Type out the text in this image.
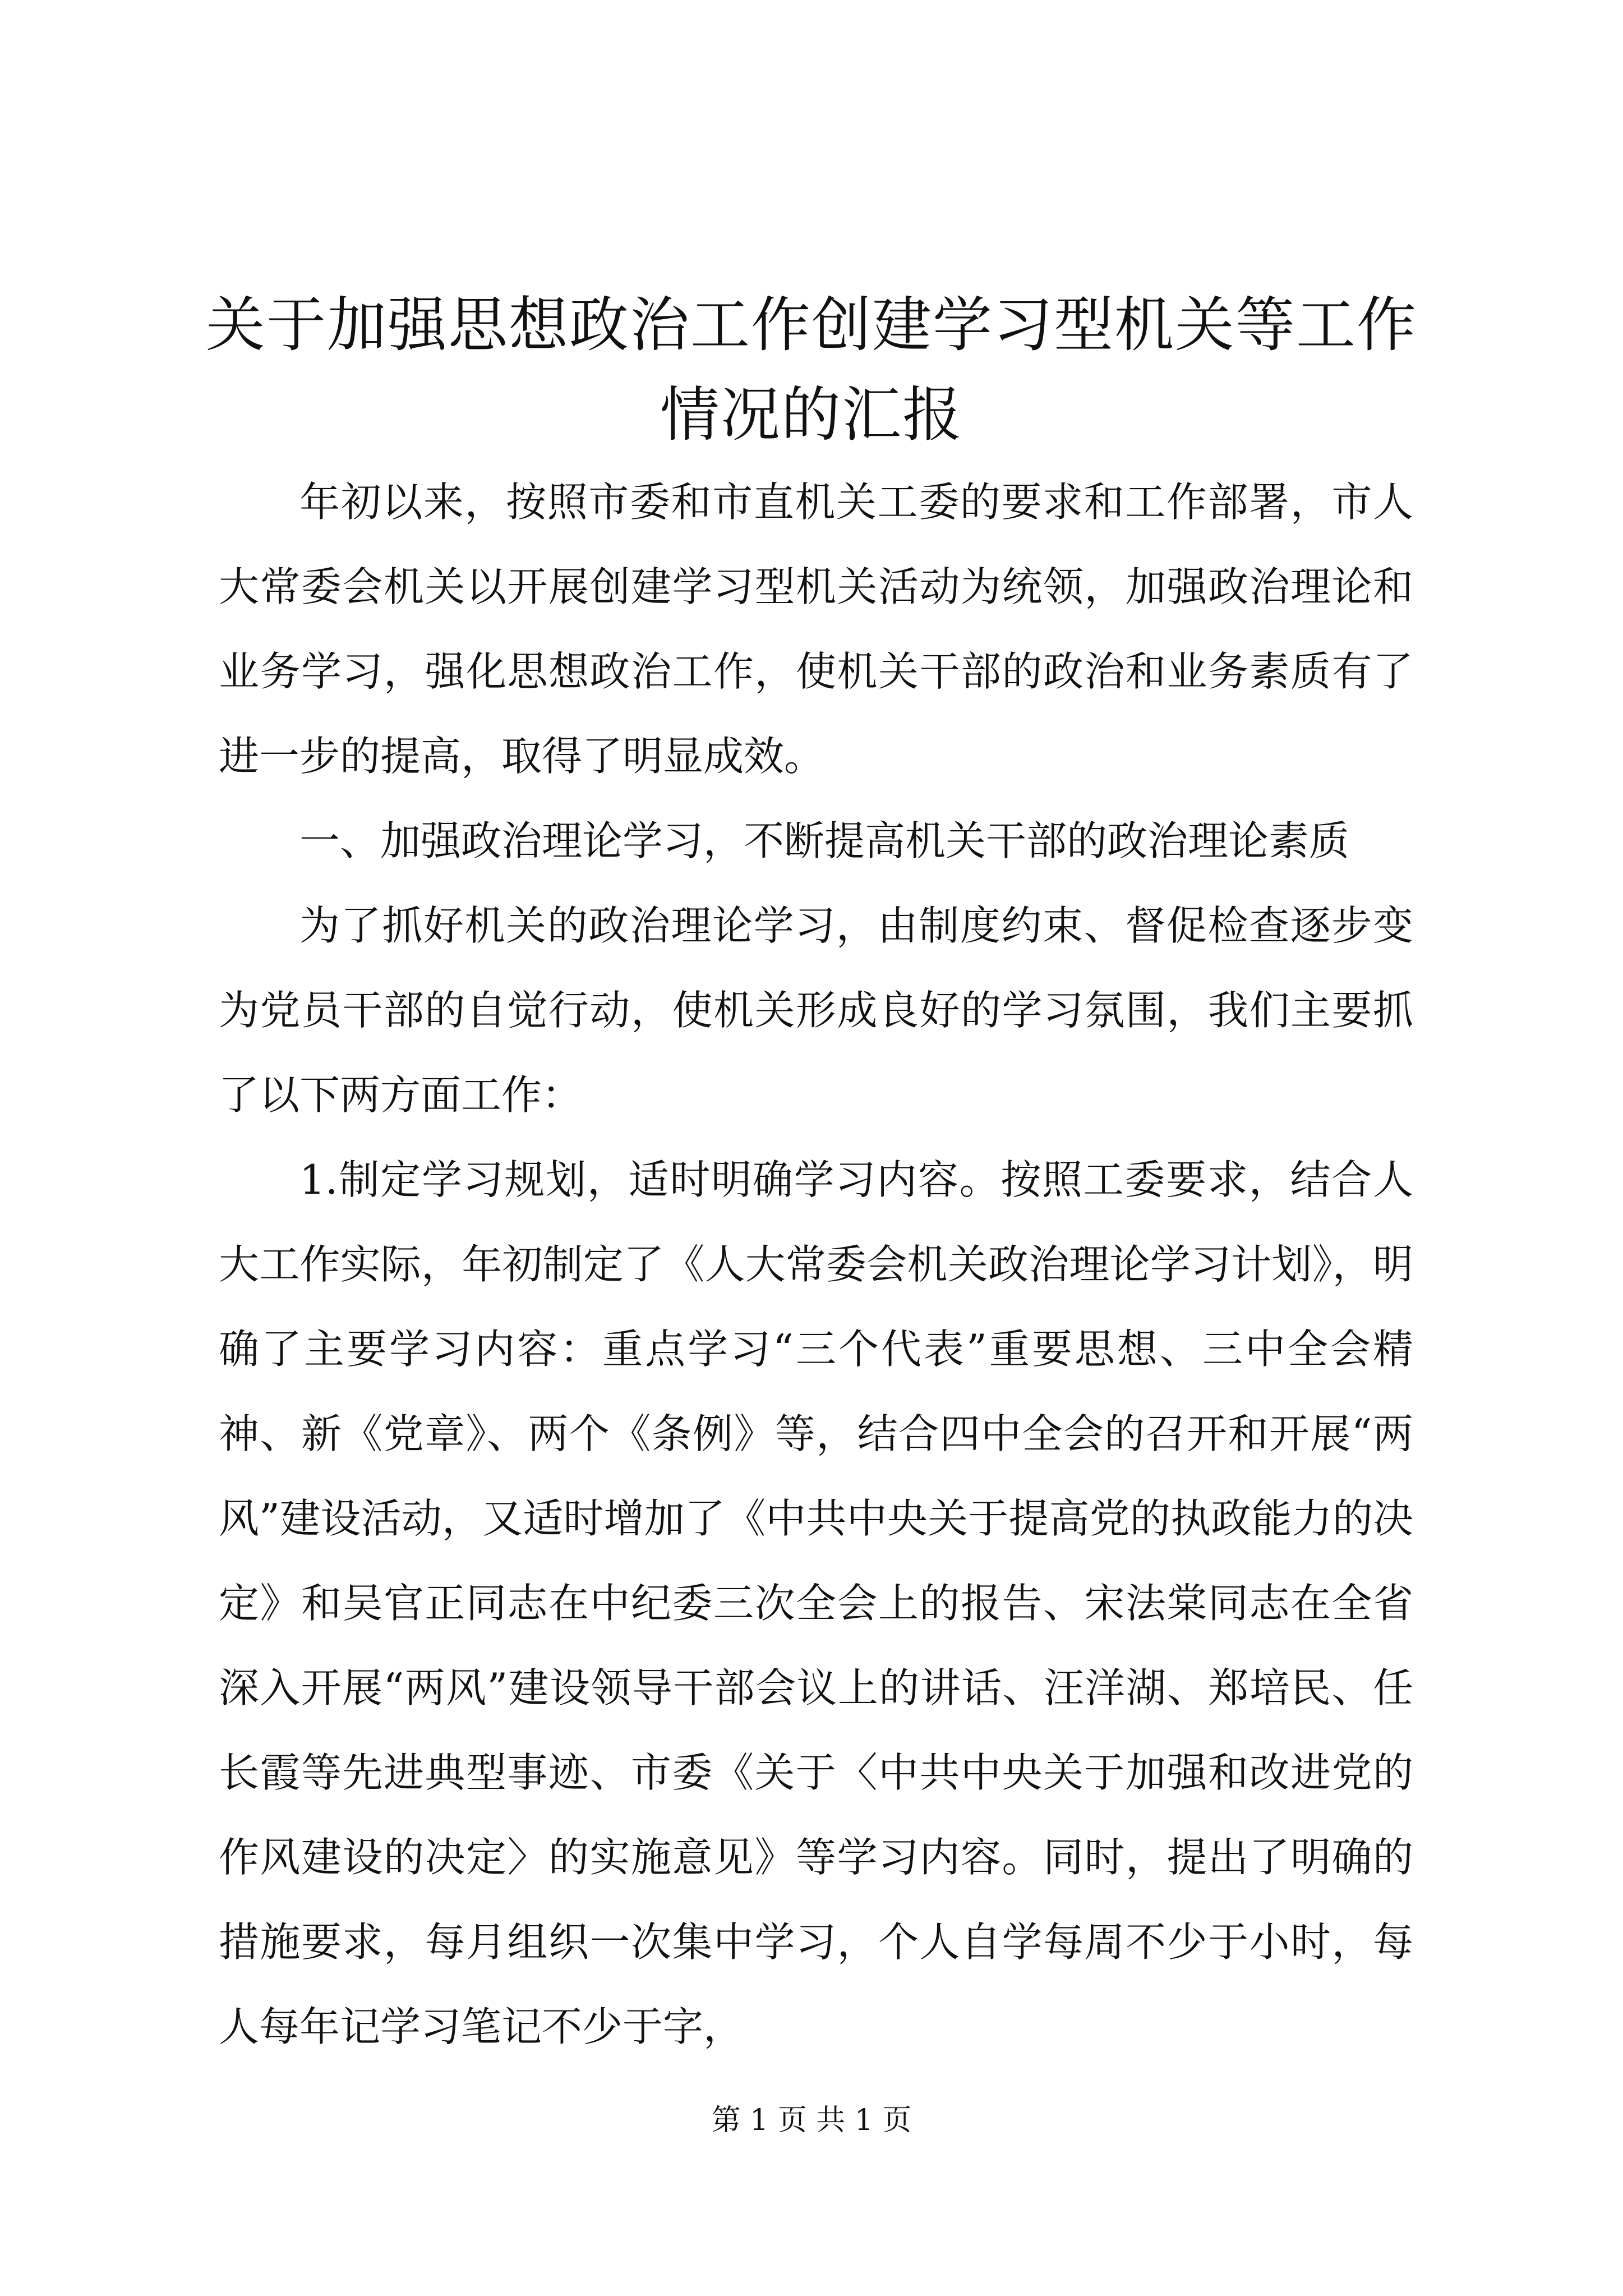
关于加强思想政治工作创建学习型机关等工作
情况的汇报

年初以来，按照市委和市直机关工委的要求和工作部署，市人大常委会机关以开展创建学习型机关活动为统领，加强政治理论和业务学习，强化思想政治工作，使机关干部的政治和业务素质有了进一步的提高，取得了明显成效。

一、加强政治理论学习，不断提高机关干部的政治理论素质

为了抓好机关的政治理论学习，由制度约束、督促检查逐步变为党员干部的自觉行动，使机关形成良好的学习氛围，我们主要抓了以下两方面工作：

1.制定学习规划，适时明确学习内容。按照工委要求，结合人大工作实际，年初制定了《人大常委会机关政治理论学习计划》，明确了主要学习内容：重点学习“三个代表”重要思想、三中全会精神、新《党章》、两个《条例》等，结合四中全会的召开和开展“两风”建设活动，又适时增加了《中共中央关于提高党的执政能力的决定》和吴官正同志在中纪委三次全会上的报告、宋法棠同志在全省深入开展“两风”建设领导干部会议上的讲话、汪洋湖、郑培民、任长霞等先进典型事迹、市委《关于〈中共中央关于加强和改进党的作风建设的决定〉的实施意见》等学习内容。同时，提出了明确的措施要求，每月组织一次集中学习，个人自学每周不少于小时，每人每年记学习笔记不少于字，

第 1 页 共 1 页
